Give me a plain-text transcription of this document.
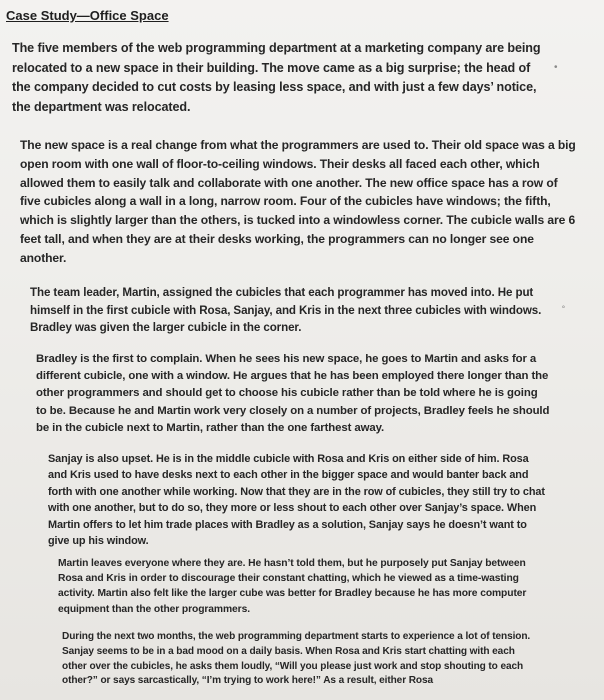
Case Study—Office Space

The five members of the web programming department at a marketing company are being relocated to a new space in their building. The move came as a big surprise; the head of the company decided to cut costs by leasing less space, and with just a few days’ notice, the department was relocated.

The new space is a real change from what the programmers are used to. Their old space was a big open room with one wall of floor-to-ceiling windows. Their desks all faced each other, which allowed them to easily talk and collaborate with one another. The new office space has a row of five cubicles along a wall in a long, narrow room. Four of the cubicles have windows; the fifth, which is slightly larger than the others, is tucked into a windowless corner. The cubicle walls are 6 feet tall, and when they are at their desks working, the programmers can no longer see one another.

The team leader, Martin, assigned the cubicles that each programmer has moved into. He put himself in the first cubicle with Rosa, Sanjay, and Kris in the next three cubicles with windows. Bradley was given the larger cubicle in the corner.

Bradley is the first to complain. When he sees his new space, he goes to Martin and asks for a different cubicle, one with a window. He argues that he has been employed there longer than the other programmers and should get to choose his cubicle rather than be told where he is going to be. Because he and Martin work very closely on a number of projects, Bradley feels he should be in the cubicle next to Martin, rather than the one farthest away.

Sanjay is also upset. He is in the middle cubicle with Rosa and Kris on either side of him. Rosa and Kris used to have desks next to each other in the bigger space and would banter back and forth with one another while working. Now that they are in the row of cubicles, they still try to chat with one another, but to do so, they more or less shout to each other over Sanjay’s space. When Martin offers to let him trade places with Bradley as a solution, Sanjay says he doesn’t want to give up his window.

Martin leaves everyone where they are. He hasn’t told them, but he purposely put Sanjay between Rosa and Kris in order to discourage their constant chatting, which he viewed as a time-wasting activity. Martin also felt like the larger cube was better for Bradley because he has more computer equipment than the other programmers.

During the next two months, the web programming department starts to experience a lot of tension. Sanjay seems to be in a bad mood on a daily basis. When Rosa and Kris start chatting with each other over the cubicles, he asks them loudly, “Will you please just work and stop shouting to each other?” or says sarcastically, “I’m trying to work here!” As a result, either Rosa

•
˚
